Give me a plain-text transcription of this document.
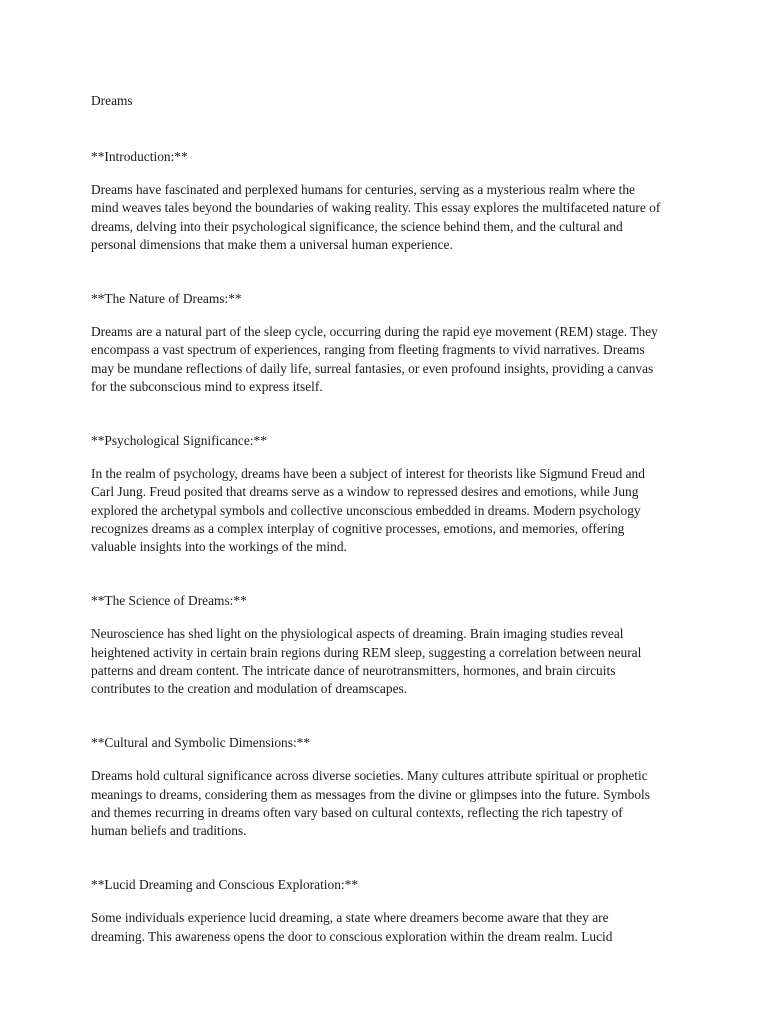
Dreams

**Introduction:**

Dreams have fascinated and perplexed humans for centuries, serving as a mysterious realm where the
mind weaves tales beyond the boundaries of waking reality. This essay explores the multifaceted nature of
dreams, delving into their psychological significance, the science behind them, and the cultural and
personal dimensions that make them a universal human experience.

**The Nature of Dreams:**

Dreams are a natural part of the sleep cycle, occurring during the rapid eye movement (REM) stage. They
encompass a vast spectrum of experiences, ranging from fleeting fragments to vivid narratives. Dreams
may be mundane reflections of daily life, surreal fantasies, or even profound insights, providing a canvas
for the subconscious mind to express itself.

**Psychological Significance:**

In the realm of psychology, dreams have been a subject of interest for theorists like Sigmund Freud and
Carl Jung. Freud posited that dreams serve as a window to repressed desires and emotions, while Jung
explored the archetypal symbols and collective unconscious embedded in dreams. Modern psychology
recognizes dreams as a complex interplay of cognitive processes, emotions, and memories, offering
valuable insights into the workings of the mind.

**The Science of Dreams:**

Neuroscience has shed light on the physiological aspects of dreaming. Brain imaging studies reveal
heightened activity in certain brain regions during REM sleep, suggesting a correlation between neural
patterns and dream content. The intricate dance of neurotransmitters, hormones, and brain circuits
contributes to the creation and modulation of dreamscapes.

**Cultural and Symbolic Dimensions:**

Dreams hold cultural significance across diverse societies. Many cultures attribute spiritual or prophetic
meanings to dreams, considering them as messages from the divine or glimpses into the future. Symbols
and themes recurring in dreams often vary based on cultural contexts, reflecting the rich tapestry of
human beliefs and traditions.

**Lucid Dreaming and Conscious Exploration:**

Some individuals experience lucid dreaming, a state where dreamers become aware that they are
dreaming. This awareness opens the door to conscious exploration within the dream realm. Lucid
